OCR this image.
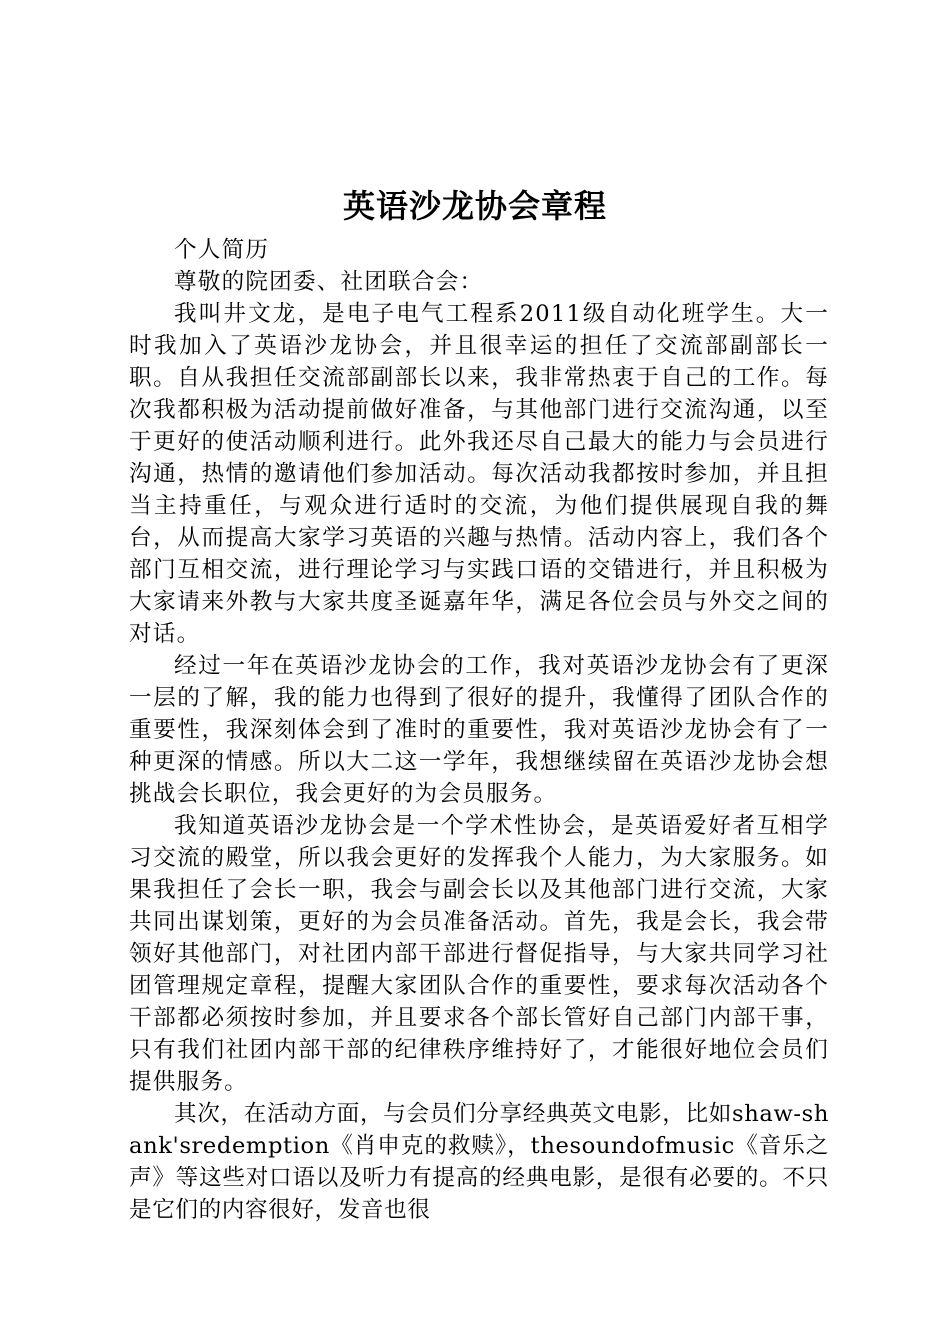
英语沙龙协会章程

个人简历

尊敬的院团委、社团联合会：

我叫井文龙，是电子电气工程系2011级自动化班学生。大一时我加入了英语沙龙协会，并且很幸运的担任了交流部副部长一职。自从我担任交流部副部长以来，我非常热衷于自己的工作。每次我都积极为活动提前做好准备，与其他部门进行交流沟通，以至于更好的使活动顺利进行。此外我还尽自己最大的能力与会员进行沟通，热情的邀请他们参加活动。每次活动我都按时参加，并且担当主持重任，与观众进行适时的交流，为他们提供展现自我的舞台，从而提高大家学习英语的兴趣与热情。活动内容上，我们各个部门互相交流，进行理论学习与实践口语的交错进行，并且积极为大家请来外教与大家共度圣诞嘉年华，满足各位会员与外交之间的对话。

经过一年在英语沙龙协会的工作，我对英语沙龙协会有了更深一层的了解，我的能力也得到了很好的提升，我懂得了团队合作的重要性，我深刻体会到了准时的重要性，我对英语沙龙协会有了一种更深的情感。所以大二这一学年，我想继续留在英语沙龙协会想挑战会长职位，我会更好的为会员服务。

我知道英语沙龙协会是一个学术性协会，是英语爱好者互相学习交流的殿堂，所以我会更好的发挥我个人能力，为大家服务。如果我担任了会长一职，我会与副会长以及其他部门进行交流，大家共同出谋划策，更好的为会员准备活动。首先，我是会长，我会带领好其他部门，对社团内部干部进行督促指导，与大家共同学习社团管理规定章程，提醒大家团队合作的重要性，要求每次活动各个干部都必须按时参加，并且要求各个部长管好自己部门内部干事，只有我们社团内部干部的纪律秩序维持好了，才能很好地位会员们提供服务。

其次，在活动方面，与会员们分享经典英文电影，比如shaw-shank'sredemption《肖申克的救赎》，thesoundofmusic《音乐之声》等这些对口语以及听力有提高的经典电影，是很有必要的。不只是它们的内容很好，发音也很
